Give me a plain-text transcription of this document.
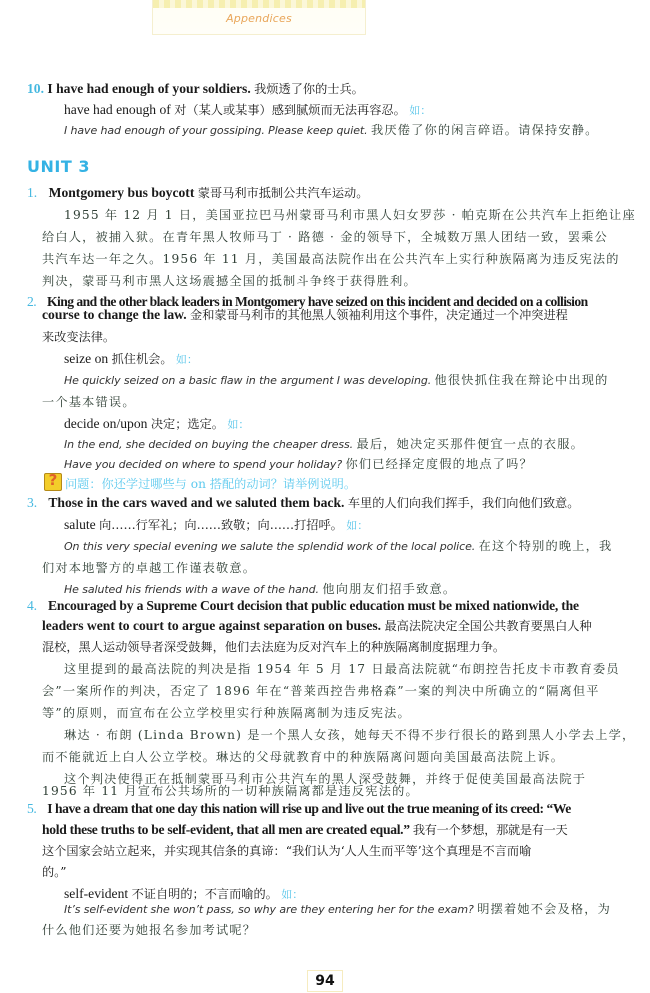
Appendices
10. I have had enough of your soldiers. 我烦透了你的士兵。
have had enough of 对（某人或某事）感到腻烦而无法再容忍。 如：
I have had enough of your gossiping. Please keep quiet. 我厌倦了你的闲言碎语。请保持安静。
UNIT 3
1. Montgomery bus boycott 蒙哥马利市抵制公共汽车运动。
1955 年 12 月 1 日，美国亚拉巴马州蒙哥马利市黑人妇女罗莎 · 帕克斯在公共汽车上拒绝让座
给白人，被捕入狱。在青年黑人牧师马丁 · 路德 · 金的领导下，全城数万黑人团结一致，罢乘公
共汽车达一年之久。1956 年 11 月，美国最高法院作出在公共汽车上实行种族隔离为违反宪法的
判决，蒙哥马利市黑人这场震撼全国的抵制斗争终于获得胜利。
2. King and the other black leaders in Montgomery have seized on this incident and decided on a collision
course to change the law. 金和蒙哥马利市的其他黑人领袖利用这个事件，决定通过一个冲突进程
来改变法律。
seize on 抓住机会。 如：
He quickly seized on a basic flaw in the argument I was developing. 他很快抓住我在辩论中出现的
一个基本错误。
decide on/upon 决定；选定。 如：
In the end, she decided on buying the cheaper dress. 最后，她决定买那件便宜一点的衣服。
Have you decided on where to spend your holiday? 你们已经择定度假的地点了吗？
? 问题：你还学过哪些与 on 搭配的动词？请举例说明。
3. Those in the cars waved and we saluted them back. 车里的人们向我们挥手，我们向他们致意。
salute 向……行军礼；向……致敬；向……打招呼。 如：
On this very special evening we salute the splendid work of the local police. 在这个特别的晚上，我
们对本地警方的卓越工作谨表敬意。
He saluted his friends with a wave of the hand. 他向朋友们招手致意。
4. Encouraged by a Supreme Court decision that public education must be mixed nationwide, the
leaders went to court to argue against separation on buses. 最高法院决定全国公共教育要黑白人种
混校，黑人运动领导者深受鼓舞，他们去法庭为反对汽车上的种族隔离制度据理力争。
这里提到的最高法院的判决是指 1954 年 5 月 17 日最高法院就“布朗控告托皮卡市教育委员
会”一案所作的判决，否定了 1896 年在“普莱西控告弗格森”一案的判决中所确立的“隔离但平
等”的原则，而宣布在公立学校里实行种族隔离制为违反宪法。
琳达 · 布朗 (Linda Brown) 是一个黑人女孩，她每天不得不步行很长的路到黑人小学去上学，
而不能就近上白人公立学校。琳达的父母就教育中的种族隔离问题向美国最高法院上诉。
这个判决使得正在抵制蒙哥马利市公共汽车的黑人深受鼓舞，并终于促使美国最高法院于
1956 年 11 月宣布公共场所的一切种族隔离都是违反宪法的。
5. I have a dream that one day this nation will rise up and live out the true meaning of its creed: “We
hold these truths to be self-evident, that all men are created equal.” 我有一个梦想，那就是有一天
这个国家会站立起来，并实现其信条的真谛：“我们认为‘人人生而平等’这个真理是不言而喻
的。”
self-evident 不证自明的；不言而喻的。 如：
It’s self-evident she won’t pass, so why are they entering her for the exam? 明摆着她不会及格，为
什么他们还要为她报名参加考试呢？
94
